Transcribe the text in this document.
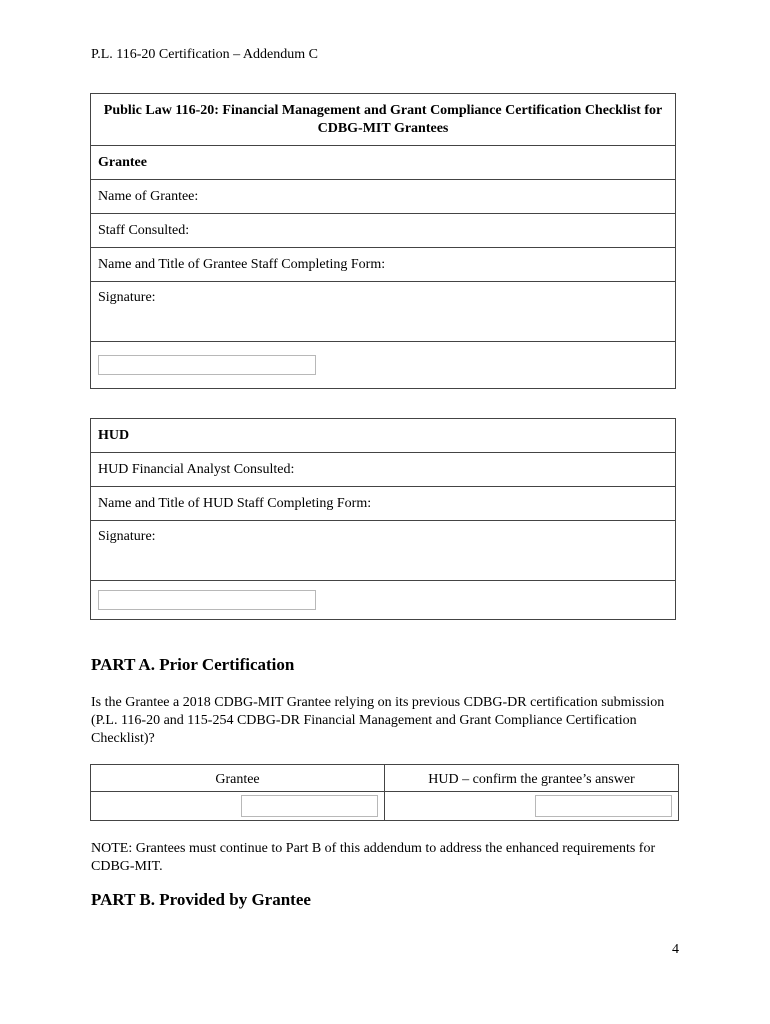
P.L. 116-20 Certification – Addendum C
Public Law 116-20: Financial Management and Grant Compliance Certification Checklist for CDBG-MIT Grantees
Grantee
Name of Grantee:
Staff Consulted:
Name and Title of Grantee Staff Completing Form:
Signature:

HUD
HUD Financial Analyst Consulted:
Name and Title of HUD Staff Completing Form:
Signature:

PART A. Prior Certification
Is the Grantee a 2018 CDBG-MIT Grantee relying on its previous CDBG-DR certification submission (P.L. 116-20 and 115-254 CDBG-DR Financial Management and Grant Compliance Certification Checklist)?
Grantee	HUD – confirm the grantee’s answer

NOTE: Grantees must continue to Part B of this addendum to address the enhanced requirements for CDBG-MIT.
PART B. Provided by Grantee
4
